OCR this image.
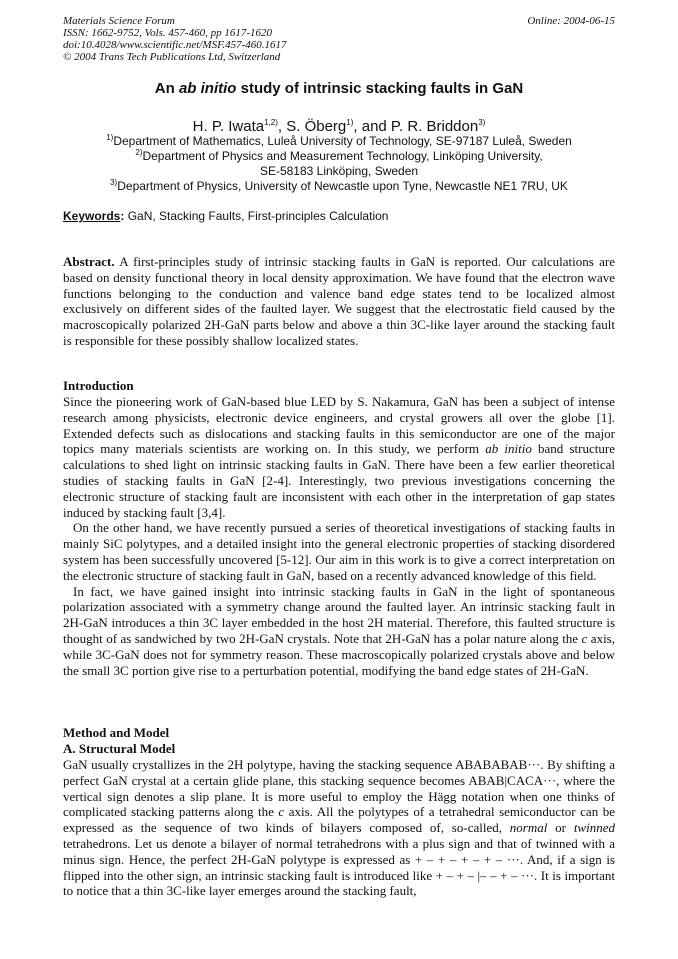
Materials Science Forum
ISSN: 1662-9752, Vols. 457-460, pp 1617-1620
doi:10.4028/www.scientific.net/MSF.457-460.1617
© 2004 Trans Tech Publications Ltd, Switzerland
Online: 2004-06-15
An ab initio study of intrinsic stacking faults in GaN
H. P. Iwata$^{1,2)}$, S. Öberg$^{1)}$, and P. R. Briddon$^{3)}$
$^{1)}$Department of Mathematics, Luleå University of Technology, SE-97187 Luleå, Sweden
$^{2)}$Department of Physics and Measurement Technology, Linköping University,
SE-58183 Linköping, Sweden
$^{3)}$Department of Physics, University of Newcastle upon Tyne, Newcastle NE1 7RU, UK
Keywords: GaN, Stacking Faults, First-principles Calculation
Abstract. A first-principles study of intrinsic stacking faults in GaN is reported. Our calculations are based on density functional theory in local density approximation. We have found that the electron wave functions belonging to the conduction and valence band edge states tend to be localized almost exclusively on different sides of the faulted layer. We suggest that the electrostatic field caused by the macroscopically polarized 2H-GaN parts below and above a thin 3C-like layer around the stacking fault is responsible for these possibly shallow localized states.
Introduction
Since the pioneering work of GaN-based blue LED by S. Nakamura, GaN has been a subject of intense research among physicists, electronic device engineers, and crystal growers all over the globe [1]. Extended defects such as dislocations and stacking faults in this semiconductor are one of the major topics many materials scientists are working on. In this study, we perform ab initio band structure calculations to shed light on intrinsic stacking faults in GaN. There have been a few earlier theoretical studies of stacking faults in GaN [2-4]. Interestingly, two previous investigations concerning the electronic structure of stacking fault are inconsistent with each other in the interpretation of gap states induced by stacking fault [3,4].
On the other hand, we have recently pursued a series of theoretical investigations of stacking faults in mainly SiC polytypes, and a detailed insight into the general electronic properties of stacking disordered system has been successfully uncovered [5-12]. Our aim in this work is to give a correct interpretation on the electronic structure of stacking fault in GaN, based on a recently advanced knowledge of this field.
In fact, we have gained insight into intrinsic stacking faults in GaN in the light of spontaneous polarization associated with a symmetry change around the faulted layer. An intrinsic stacking fault in 2H-GaN introduces a thin 3C layer embedded in the host 2H material. Therefore, this faulted structure is thought of as sandwiched by two 2H-GaN crystals. Note that 2H-GaN has a polar nature along the c axis, while 3C-GaN does not for symmetry reason. These macroscopically polarized crystals above and below the small 3C portion give rise to a perturbation potential, modifying the band edge states of 2H-GaN.
Method and Model
A. Structural Model
GaN usually crystallizes in the 2H polytype, having the stacking sequence ABABABAB···. By shifting a perfect GaN crystal at a certain glide plane, this stacking sequence becomes ABAB|CACA···, where the vertical sign denotes a slip plane. It is more useful to employ the Hägg notation when one thinks of complicated stacking patterns along the c axis. All the polytypes of a tetrahedral semiconductor can be expressed as the sequence of two kinds of bilayers composed of, so-called, normal or twinned tetrahedrons. Let us denote a bilayer of normal tetrahedrons with a plus sign and that of twinned with a minus sign. Hence, the perfect 2H-GaN polytype is expressed as + – + – + – + – ···. And, if a sign is flipped into the other sign, an intrinsic stacking fault is introduced like + – + – |– – + – ···. It is important to notice that a thin 3C-like layer emerges around the stacking fault,
